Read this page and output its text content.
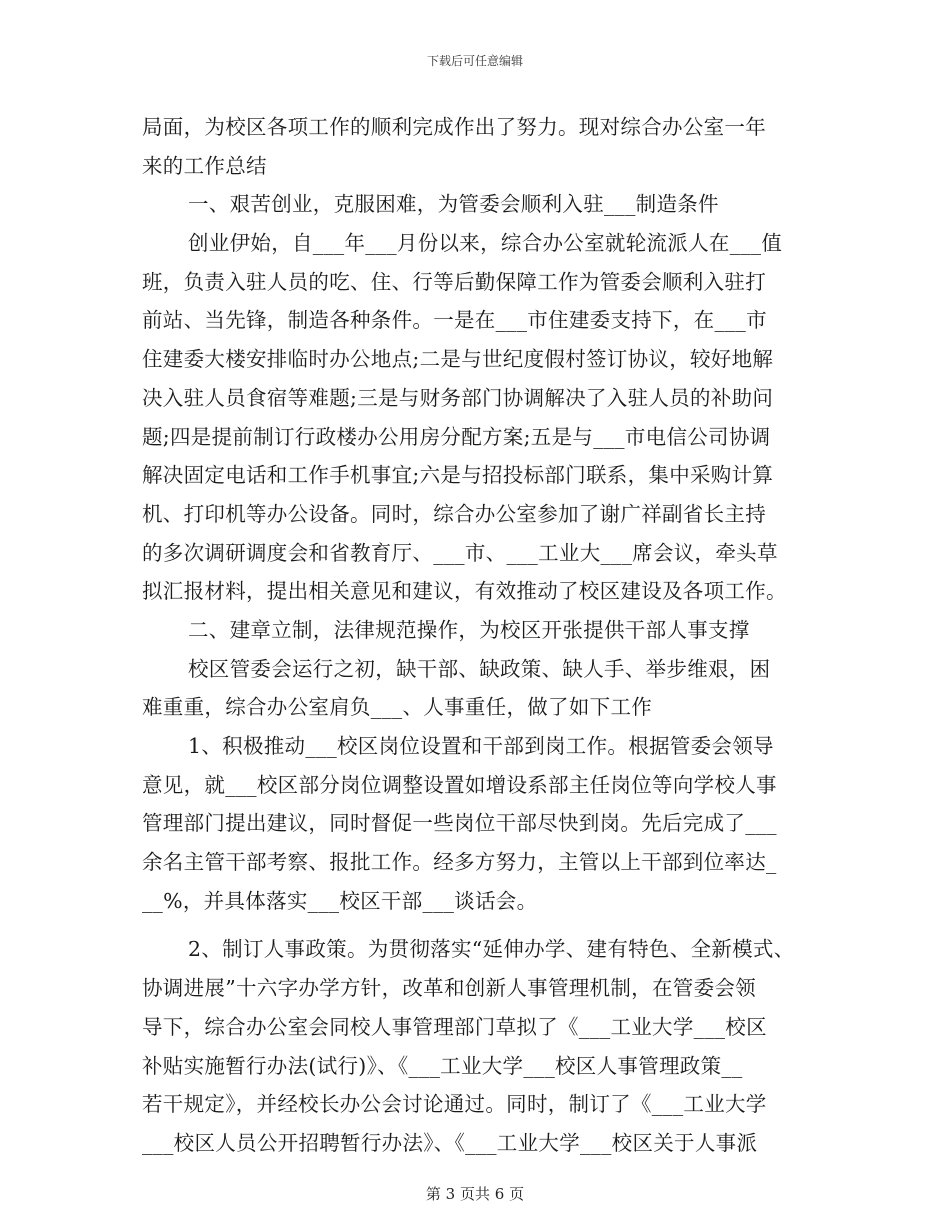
下载后可任意编辑
局面，为校区各项工作的顺利完成作出了努力。现对综合办公室一年
来的工作总结
一、艰苦创业，克服困难，为管委会顺利入驻___制造条件
创业伊始，自___年___月份以来，综合办公室就轮流派人在___值
班，负责入驻人员的吃、住、行等后勤保障工作为管委会顺利入驻打
前站、当先锋，制造各种条件。一是在___市住建委支持下，在___市
住建委大楼安排临时办公地点;二是与世纪度假村签订协议，较好地解
决入驻人员食宿等难题;三是与财务部门协调解决了入驻人员的补助问
题;四是提前制订行政楼办公用房分配方案;五是与___市电信公司协调
解决固定电话和工作手机事宜;六是与招投标部门联系，集中采购计算
机、打印机等办公设备。同时，综合办公室参加了谢广祥副省长主持
的多次调研调度会和省教育厅、___市、___工业大___席会议，牵头草
拟汇报材料，提出相关意见和建议，有效推动了校区建设及各项工作。
二、建章立制，法律规范操作，为校区开张提供干部人事支撑
校区管委会运行之初，缺干部、缺政策、缺人手、举步维艰，困
难重重，综合办公室肩负___、人事重任，做了如下工作
1、积极推动___校区岗位设置和干部到岗工作。根据管委会领导
意见，就___校区部分岗位调整设置如增设系部主任岗位等向学校人事
管理部门提出建议，同时督促一些岗位干部尽快到岗。先后完成了___
余名主管干部考察、报批工作。经多方努力，主管以上干部到位率达_
__%，并具体落实___校区干部___谈话会。
2、制订人事政策。为贯彻落实“延伸办学、建有特色、全新模式、
协调进展”十六字办学方针，改革和创新人事管理机制，在管委会领
导下，综合办公室会同校人事管理部门草拟了《___工业大学___校区
补贴实施暂行办法(试行)》、《___工业大学___校区人事管理政策__
若干规定》，并经校长办公会讨论通过。同时，制订了《___工业大学
___校区人员公开招聘暂行办法》、《___工业大学___校区关于人事派
第 3 页共 6 页
